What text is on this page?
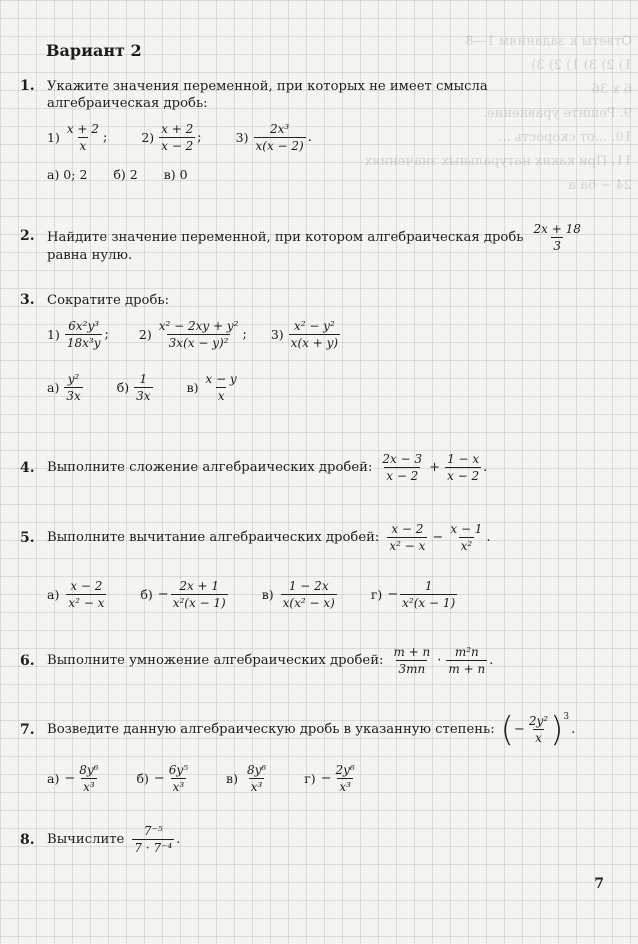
Ответы к заданиям 1—8
1) 2) 3) 1) 2) 3)
6 x 36
9. Решите уравнение.
10. ...от скорость ...
11. При каких натуральных значениях
24 − 6a a
Вариант 2
1. Укажите значения переменной, при которых не имеет смысла алгебраическая дробь:
$1) \frac{x + 2}{x}$ ;	$2) \frac{x + 2}{x - 2}$ ;	$3) \frac{\text{2x³}}{x(x - 2)}$ .
а) 0; 2 б) 2 в) 0
2. Найдите значение переменной, при котором алгебраическая дробь $\frac{2x + 18}{3}$
равна нулю.
3. Сократите дробь:
$1) \frac{\text{6x²y³}}{\text{18x³y}}$ ; $2) \frac{\text{x² − 2xy + y²}}{\text{3x(x − y)²}}$ ; $3) \frac{\text{x² − y²}}{x(x + y)}$
$а) \frac{\text{y²}}{3x}$	$б) \frac{1}{3x}$	$в) \frac{x - y}{x}$
4. Выполните сложение алгебраических дробей: $\frac{2x - 3}{x - 2} + \frac{1 - x}{x - 2}$ .
5. Выполните вычитание алгебраических дробей: $\frac{x - 2}{\text{x² − x}} - \frac{x - 1}{\text{x²}}$ .
$а) \frac{x - 2}{\text{x² − x}}$	$б) - \frac{2x + 1}{\text{x²(x − 1)}}$	$в) \frac{1 - 2x}{\text{x(x² − x)}}$	$г) - \frac{1}{\text{x²(x − 1)}}$
6. Выполните умножение алгебраических дробей: $\frac{m + n}{3mn} \cdot \frac{\text{m²n}}{m + n}$ .
7. Возведите данную алгебраическую дробь в указанную степень: ( − $\frac{\text{2y²}}{x}$ ) 3
.
$а) - \frac{\text{8y⁶}}{\text{x³}}$	$б) - \frac{\text{6y⁵}}{\text{x³}}$	$в) \frac{\text{8y⁶}}{\text{x³}}$	$г) - \frac{\text{2y⁶}}{\text{x³}}$
8. Вычислите $\frac{\text{7⁻⁵}}{\text{7 · 7⁻⁴}}$ .
7
